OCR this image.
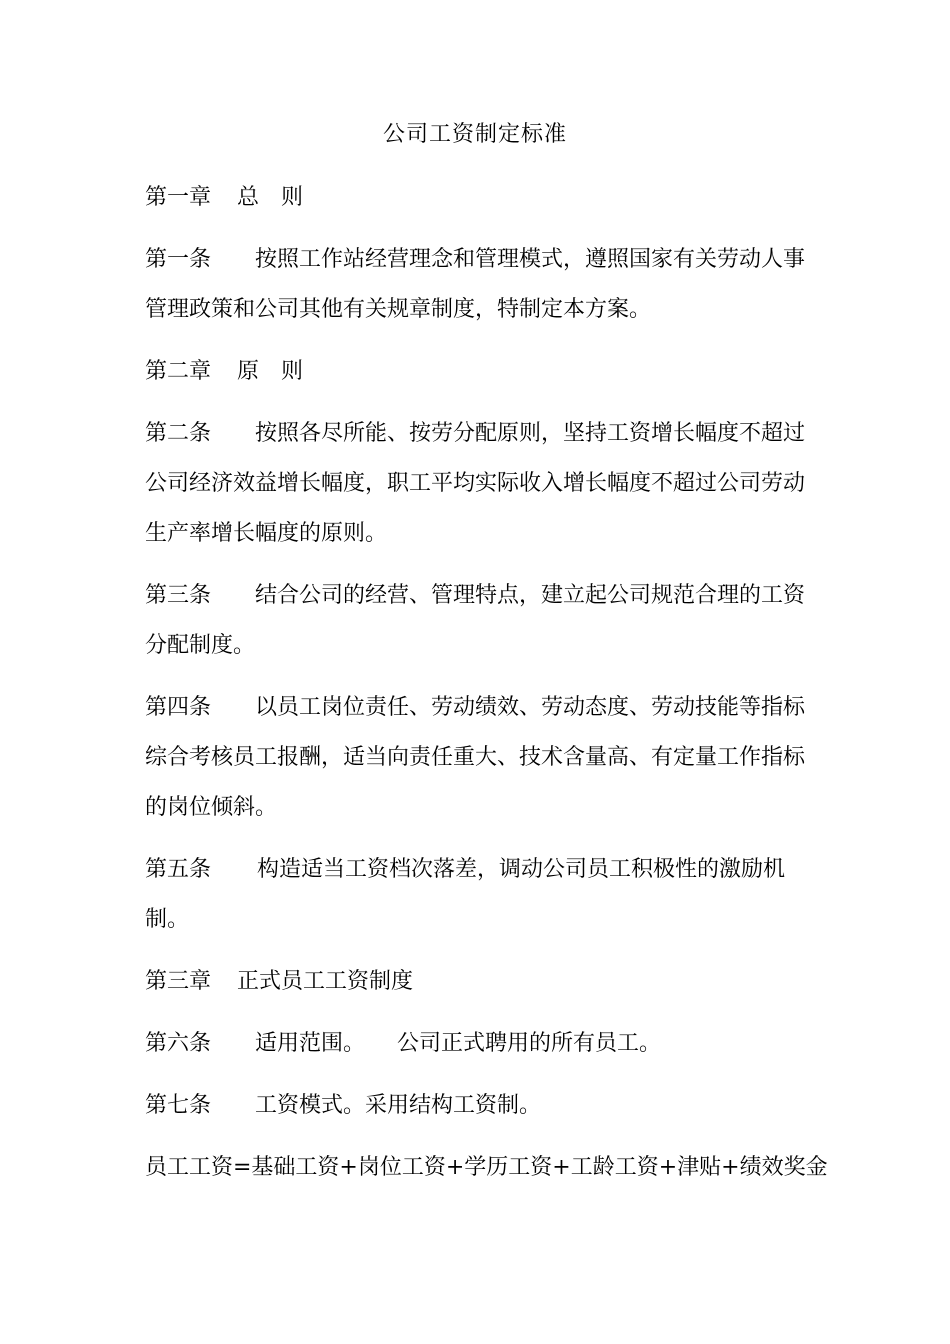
公司工资制定标准
第一章 总 则
第一条 按照工作站经营理念和管理模式，遵照国家有关劳动人事
管理政策和公司其他有关规章制度，特制定本方案。
第二章 原 则
第二条 按照各尽所能、按劳分配原则，坚持工资增长幅度不超过
公司经济效益增长幅度，职工平均实际收入增长幅度不超过公司劳动
生产率增长幅度的原则。
第三条 结合公司的经营、管理特点，建立起公司规范合理的工资
分配制度。
第四条 以员工岗位责任、劳动绩效、劳动态度、劳动技能等指标
综合考核员工报酬，适当向责任重大、技术含量高、有定量工作指标
的岗位倾斜。
第五条 构造适当工资档次落差，调动公司员工积极性的激励机
制。
第三章 正式员工工资制度
第六条 适用范围。 公司正式聘用的所有员工。
第七条 工资模式。采用结构工资制。
员工工资=基础工资+岗位工资+学历工资+工龄工资+津贴+绩效奖金
